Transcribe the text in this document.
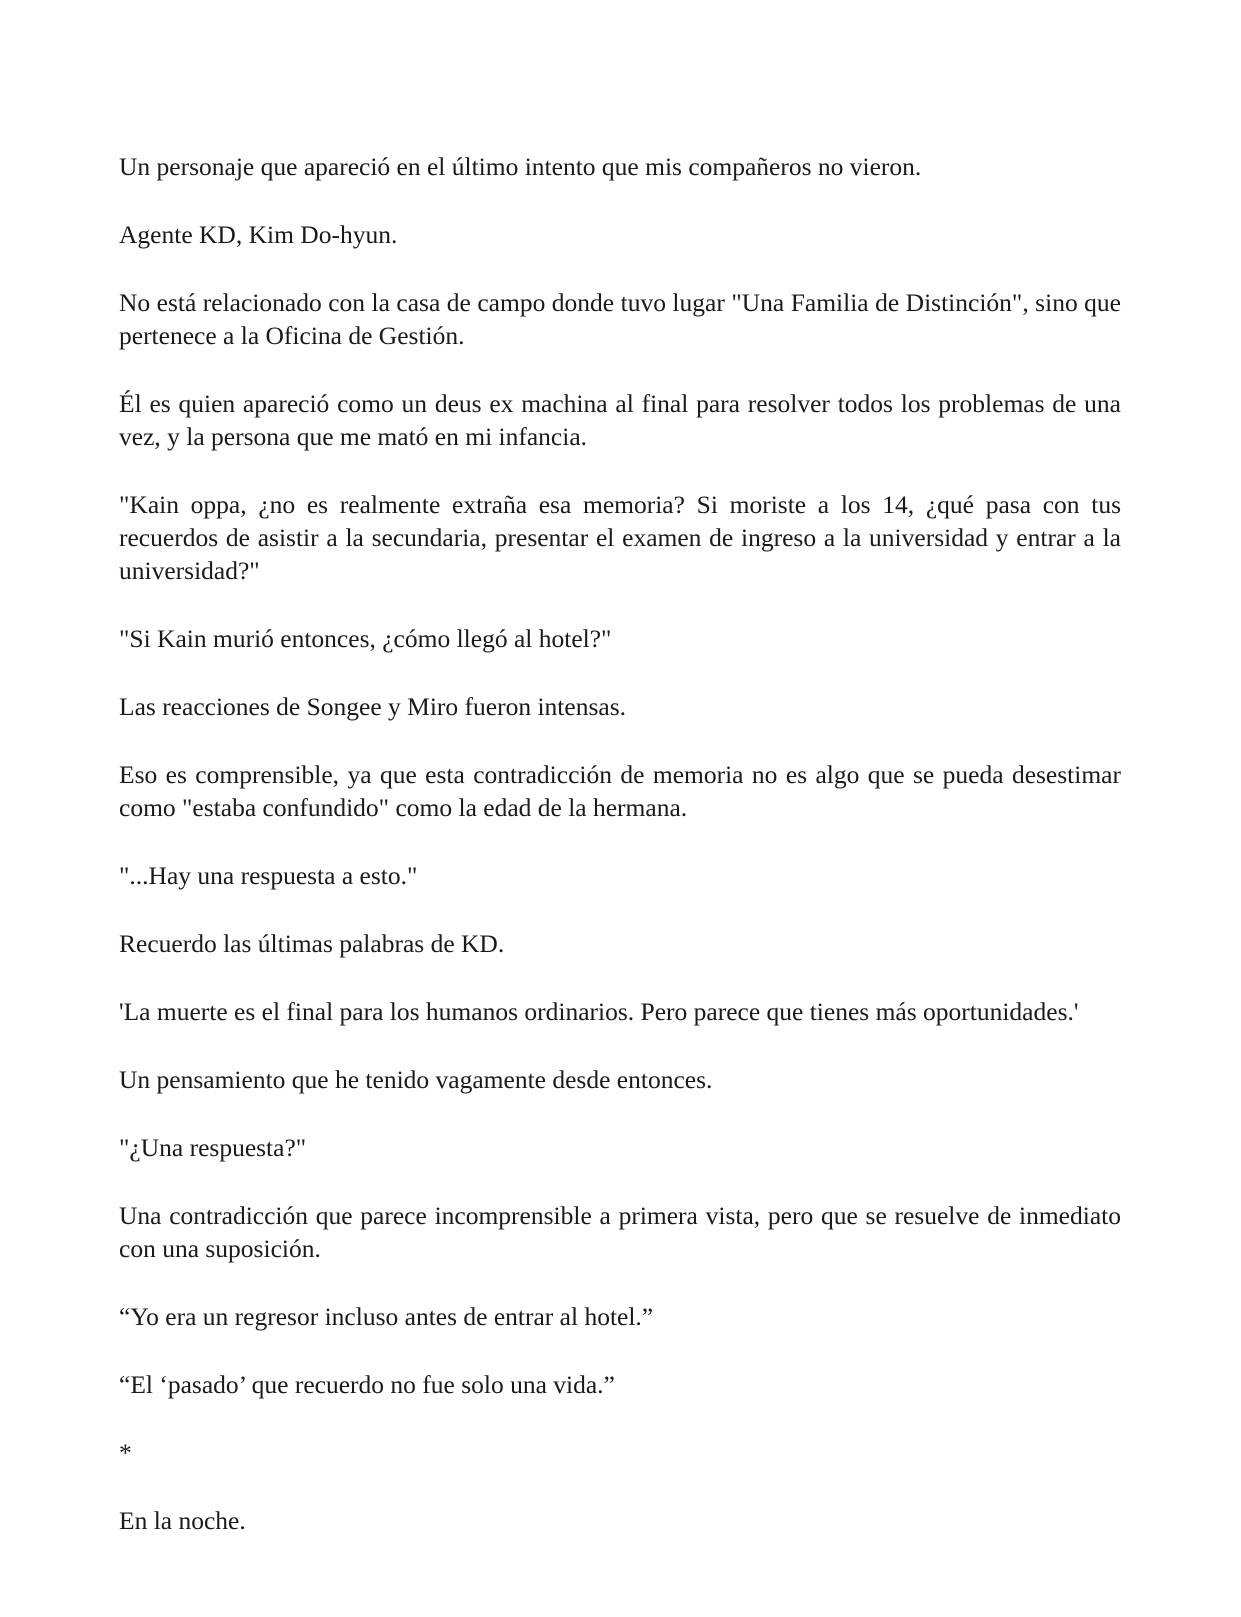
Un personaje que apareció en el último intento que mis compañeros no vieron.

Agente KD, Kim Do-hyun.

No está relacionado con la casa de campo donde tuvo lugar "Una Familia de Distinción", sino que pertenece a la Oficina de Gestión.

Él es quien apareció como un deus ex machina al final para resolver todos los problemas de una vez, y la persona que me mató en mi infancia.

"Kain oppa, ¿no es realmente extraña esa memoria? Si moriste a los 14, ¿qué pasa con tus recuerdos de asistir a la secundaria, presentar el examen de ingreso a la universidad y entrar a la universidad?"

"Si Kain murió entonces, ¿cómo llegó al hotel?"

Las reacciones de Songee y Miro fueron intensas.

Eso es comprensible, ya que esta contradicción de memoria no es algo que se pueda desestimar como "estaba confundido" como la edad de la hermana.

"...Hay una respuesta a esto."

Recuerdo las últimas palabras de KD.

'La muerte es el final para los humanos ordinarios. Pero parece que tienes más oportunidades.'

Un pensamiento que he tenido vagamente desde entonces.

"¿Una respuesta?"

Una contradicción que parece incomprensible a primera vista, pero que se resuelve de inmediato con una suposición.

“Yo era un regresor incluso antes de entrar al hotel.”

“El ‘pasado’ que recuerdo no fue solo una vida.”

*

En la noche.
